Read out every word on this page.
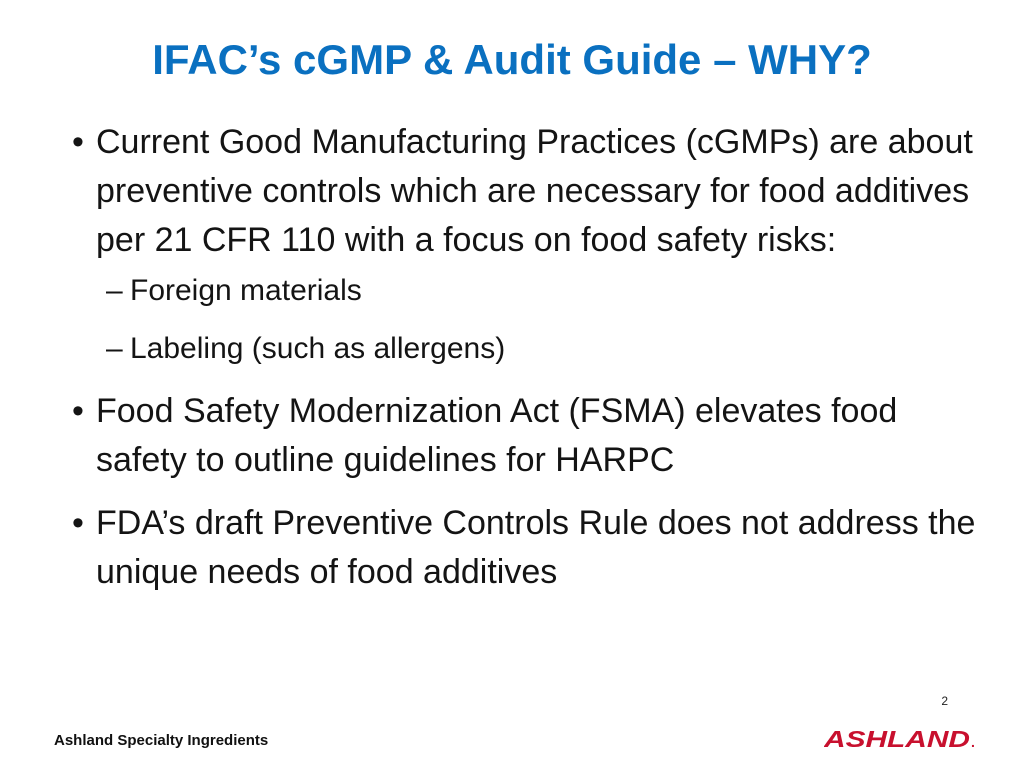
IFAC’s cGMP & Audit Guide – WHY?
• Current Good Manufacturing Practices (cGMPs) are about preventive controls which are necessary for food additives per 21 CFR 110 with a focus on food safety risks:
– Foreign materials
– Labeling (such as allergens)
• Food Safety Modernization Act (FSMA) elevates food safety to outline guidelines for HARPC
• FDA’s draft Preventive Controls Rule does not address the unique needs of food additives
2
Ashland Specialty Ingredients	ASHLAND .
